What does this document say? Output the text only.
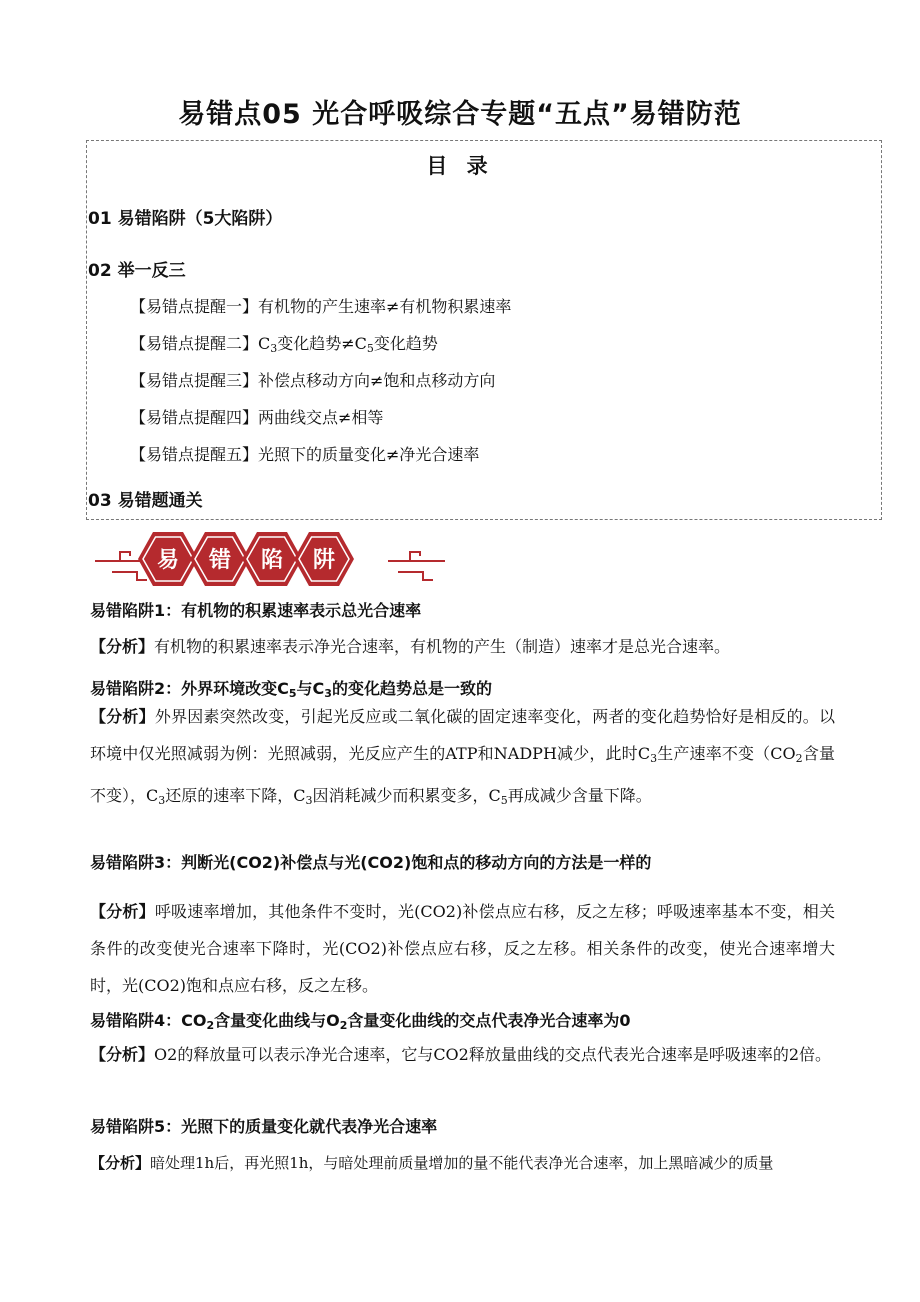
易错点05 光合呼吸综合专题“五点”易错防范
目 录
01 易错陷阱（5大陷阱）
02 举一反三
【易错点提醒一】有机物的产生速率≠有机物积累速率
【易错点提醒二】$C_3$变化趋势$\ne C_5$变化趋势
【易错点提醒三】补偿点移动方向≠饱和点移动方向
【易错点提醒四】两曲线交点≠相等
【易错点提醒五】光照下的质量变化≠净光合速率
03 易错题通关
易 错 陷 阱
易错陷阱1：有机物的积累速率表示总光合速率
【分析】有机物的积累速率表示净光合速率，有机物的产生（制造）速率才是总光合速率。
易错陷阱2：外界环境改变$C_5$与$C_3$的变化趋势总是一致的
【分析】外界因素突然改变，引起光反应或二氧化碳的固定速率变化，两者的变化趋势恰好是相反的。以环境中仅光照减弱为例：光照减弱，光反应产生的ATP和NADPH减少，此时$C_3$生产速率不变（$CO_2$含量不变），$C_3$还原的速率下降，$C_3$因消耗减少而积累变多，$C_5$再成减少含量下降。
易错陷阱3：判断光(CO2)补偿点与光(CO2)饱和点的移动方向的方法是一样的
【分析】呼吸速率增加，其他条件不变时，光(CO2)补偿点应右移，反之左移；呼吸速率基本不变，相关条件的改变使光合速率下降时，光(CO2)补偿点应右移，反之左移。相关条件的改变，使光合速率增大时，光(CO2)饱和点应右移，反之左移。
易错陷阱4：$CO_2$含量变化曲线与$O_2$含量变化曲线的交点代表净光合速率为0
【分析】O2的释放量可以表示净光合速率，它与CO2释放量曲线的交点代表光合速率是呼吸速率的2倍。
易错陷阱5：光照下的质量变化就代表净光合速率
【分析】暗处理1h后，再光照1h，与暗处理前质量增加的量不能代表净光合速率，加上黑暗减少的质量
